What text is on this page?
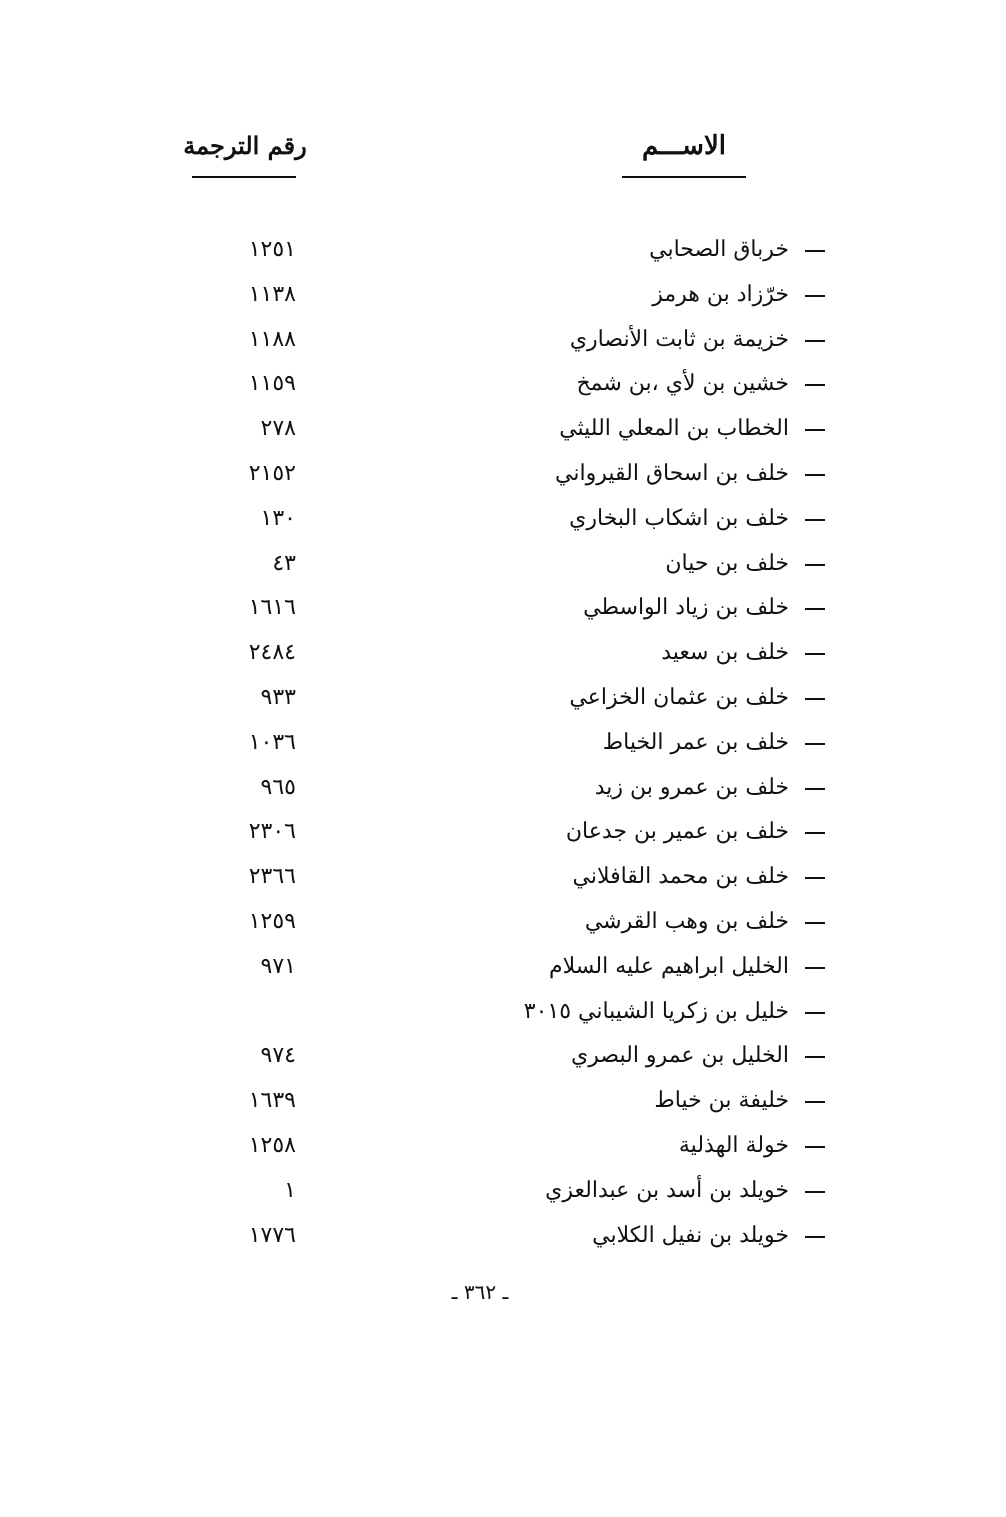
الاســـم
رقم الترجمة
خرباق الصحابي
١٢٥١
خرّزاد بن هرمز
١١٣٨
خزيمة بن ثابت الأنصاري
١١٨٨
خشين بن لأي ،بن شمخ
١١٥٩
الخطاب بن المعلي الليثي
٢٧٨
خلف بن اسحاق القيرواني
٢١٥٢
خلف بن اشكاب البخاري
١٣٠
خلف بن حيان
٤٣
خلف بن زياد الواسطي
١٦١٦
خلف بن سعيد
٢٤٨٤
خلف بن عثمان الخزاعي
٩٣٣
خلف بن عمر الخياط
١٠٣٦
خلف بن عمرو بن زيد
٩٦٥
خلف بن عمير بن جدعان
٢٣٠٦
خلف بن محمد القافلاني
٢٣٦٦
خلف بن وهب القرشي
١٢٥٩
الخليل ابراهيم عليه السلام
٩٧١
خليل بن زكريا الشيباني ٣٠١٥
الخليل بن عمرو البصري
٩٧٤
خليفة بن خياط
١٦٣٩
خولة الهذلية
١٢٥٨
خويلد بن أسد بن عبدالعزي
١
خويلد بن نفيل الكلابي
١٧٧٦
ـ ٣٦٢ ـ
